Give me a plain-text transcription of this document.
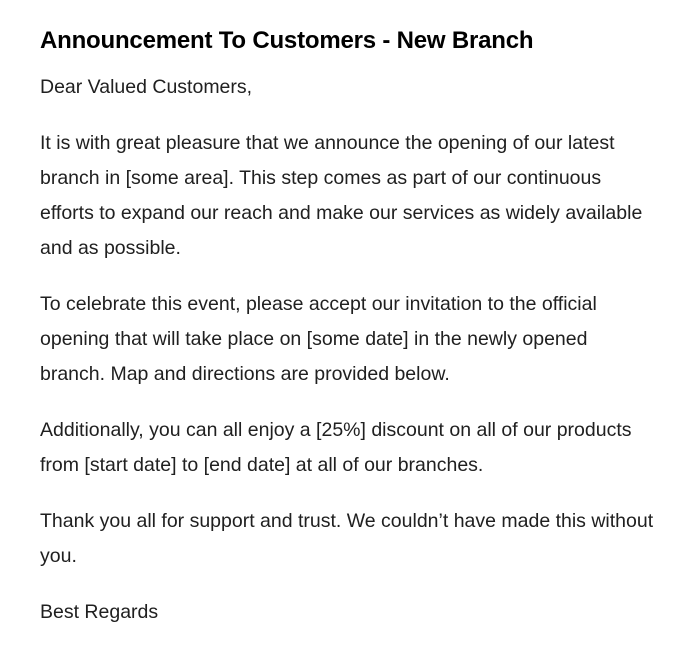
Announcement To Customers - New Branch

Dear Valued Customers,

It is with great pleasure that we announce the opening of our latest branch in [some area]. This step comes as part of our continuous efforts to expand our reach and make our services as widely available and as possible.

To celebrate this event, please accept our invitation to the official opening that will take place on [some date] in the newly opened branch. Map and directions are provided below.

Additionally, you can all enjoy a [25%] discount on all of our products from [start date] to [end date] at all of our branches.

Thank you all for support and trust. We couldn’t have made this without you.

Best Regards
